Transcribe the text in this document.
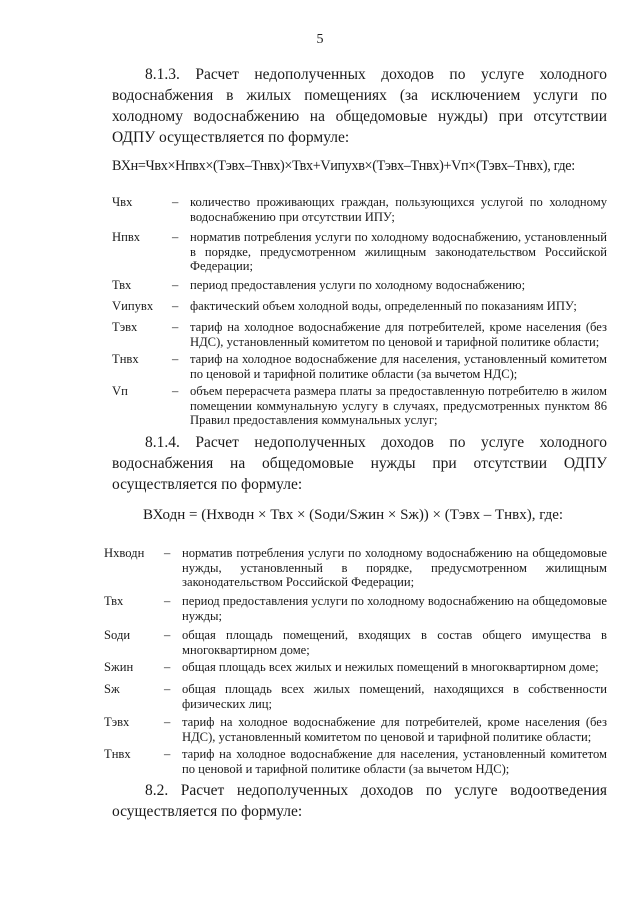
5
8.1.3. Расчет недополученных доходов по услуге холодного водоснабжения в жилых помещениях (за исключением услуги по холодному водоснабжению на общедомовые нужды) при отсутствии ОДПУ осуществляется по формуле:
ВХн=Чвх×Нпвх×(Тэвх–Тнвх)×Твх+Vипухв×(Тэвх–Тнвх)+Vп×(Тэвх–Тнвх), где:
Чвх	– количество проживающих граждан, пользующихся услугой по холодному водоснабжению при отсутствии ИПУ;
Нпвх	– норматив потребления услуги по холодному водоснабжению, установленный в порядке, предусмотренном жилищным законодательством Российской Федерации;
Твх	– период предоставления услуги по холодному водоснабжению;
Vипувх – фактический объем холодной воды, определенный по показаниям ИПУ;
Тэвх	– тариф на холодное водоснабжение для потребителей, кроме населения (без НДС), установленный комитетом по ценовой и тарифной политике области;
Тнвх	– тариф на холодное водоснабжение для населения, установленный комитетом по ценовой и тарифной политике области (за вычетом НДС);
Vп	– объем перерасчета размера платы за предоставленную потребителю в жилом помещении коммунальную услугу в случаях, предусмотренных пунктом 86 Правил предоставления коммунальных услуг;
8.1.4. Расчет недополученных доходов по услуге холодного водоснабжения на общедомовые нужды при отсутствии ОДПУ осуществляется по формуле:
ВХодн = (Нхводн × Твх × (Sоди/Sжин × Sж)) × (Тэвх – Тнвх), где:
Нхводн – норматив потребления услуги по холодному водоснабжению на общедомовые нужды, установленный в порядке, предусмотренном жилищным законодательством Российской Федерации;
Твх	– период предоставления услуги по холодному водоснабжению на общедомовые нужды;
Sоди	– общая площадь помещений, входящих в состав общего имущества в многоквартирном доме;
Sжин – общая площадь всех жилых и нежилых помещений в многоквартирном доме;
Sж	– общая площадь всех жилых помещений, находящихся в собственности физических лиц;
Тэвх	– тариф на холодное водоснабжение для потребителей, кроме населения (без НДС), установленный комитетом по ценовой и тарифной политике области;
Тнвх	– тариф на холодное водоснабжение для населения, установленный комитетом по ценовой и тарифной политике области (за вычетом НДС);
8.2. Расчет недополученных доходов по услуге водоотведения осуществляется по формуле:
